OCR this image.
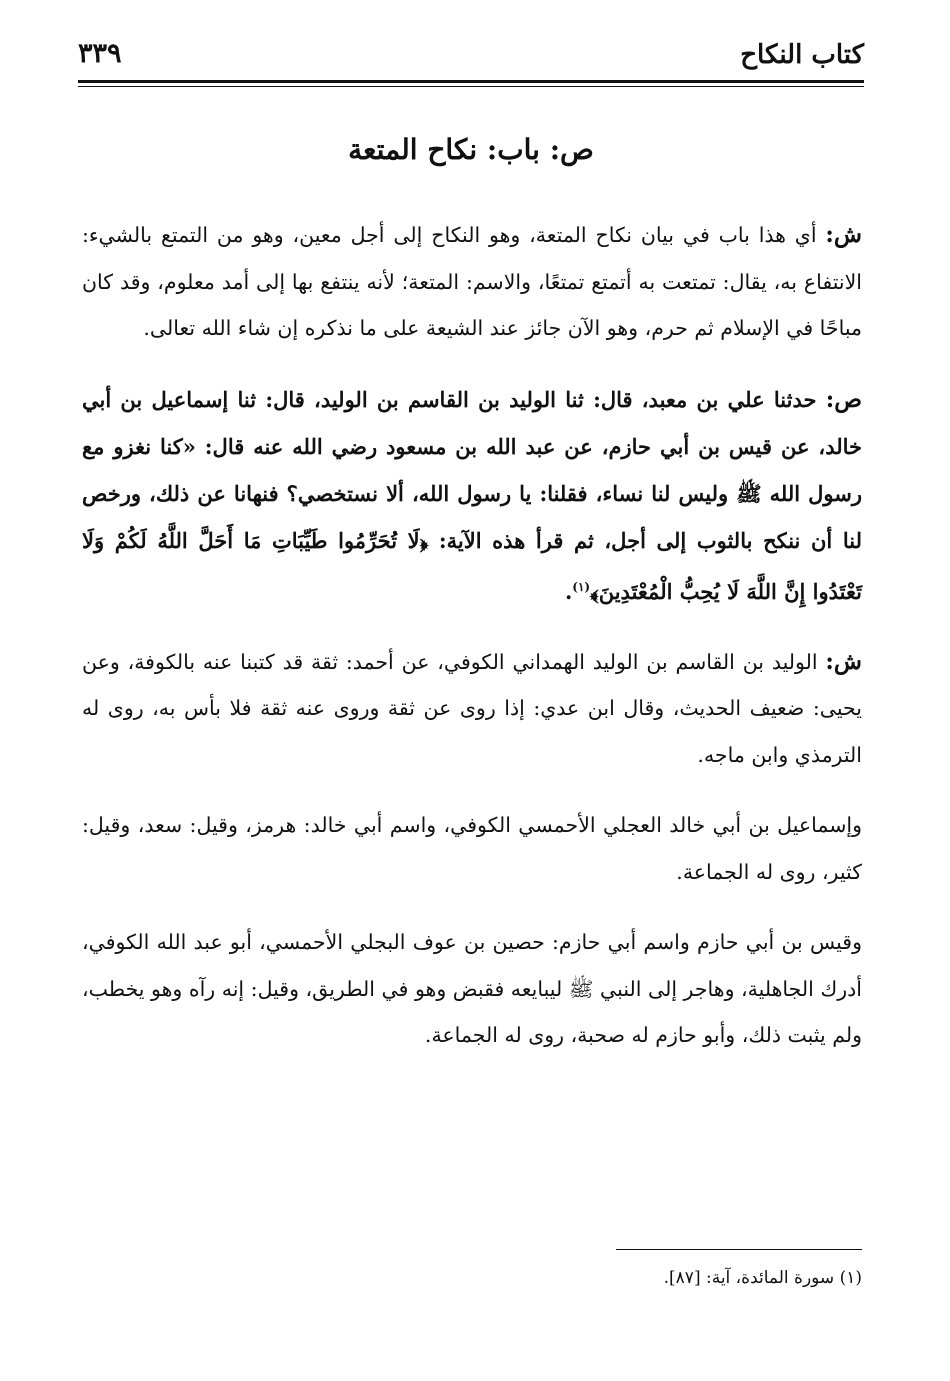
كتاب النكاح
٣٣٩
ص: باب: نكاح المتعة

ش: أي هذا باب في بيان نكاح المتعة، وهو النكاح إلى أجل معين، وهو من التمتع بالشيء: الانتفاع به، يقال: تمتعت به أتمتع تمتعًا، والاسم: المتعة؛ لأنه ينتفع بها إلى أمد معلوم، وقد كان مباحًا في الإسلام ثم حرم، وهو الآن جائز عند الشيعة على ما نذكره إن شاء الله تعالى.

ص: حدثنا علي بن معبد، قال: ثنا الوليد بن القاسم بن الوليد، قال: ثنا إسماعيل بن أبي خالد، عن قيس بن أبي حازم، عن عبد الله بن مسعود رضي الله عنه قال: «كنا نغزو مع رسول الله ﷺ وليس لنا نساء، فقلنا: يا رسول الله، ألا نستخصي؟ فنهانا عن ذلك، ورخص لنا أن ننكح بالثوب إلى أجل، ثم قرأ هذه الآية: ﴿لَا تُحَرِّمُوا طَيِّبَاتِ مَا أَحَلَّ اللَّهُ لَكُمْ وَلَا تَعْتَدُوا إِنَّ اللَّهَ لَا يُحِبُّ الْمُعْتَدِينَ﴾$^{(١)}$.

ش: الوليد بن القاسم بن الوليد الهمداني الكوفي، عن أحمد: ثقة قد كتبنا عنه بالكوفة، وعن يحيى: ضعيف الحديث، وقال ابن عدي: إذا روى عن ثقة وروى عنه ثقة فلا بأس به، روى له الترمذي وابن ماجه.

وإسماعيل بن أبي خالد العجلي الأحمسي الكوفي، واسم أبي خالد: هرمز، وقيل: سعد، وقيل: كثير، روى له الجماعة.

وقيس بن أبي حازم واسم أبي حازم: حصين بن عوف البجلي الأحمسي، أبو عبد الله الكوفي، أدرك الجاهلية، وهاجر إلى النبي ﷺ ليبايعه فقبض وهو في الطريق، وقيل: إنه رآه وهو يخطب، ولم يثبت ذلك، وأبو حازم له صحبة، روى له الجماعة.

(١) سورة المائدة، آية: [٨٧].
